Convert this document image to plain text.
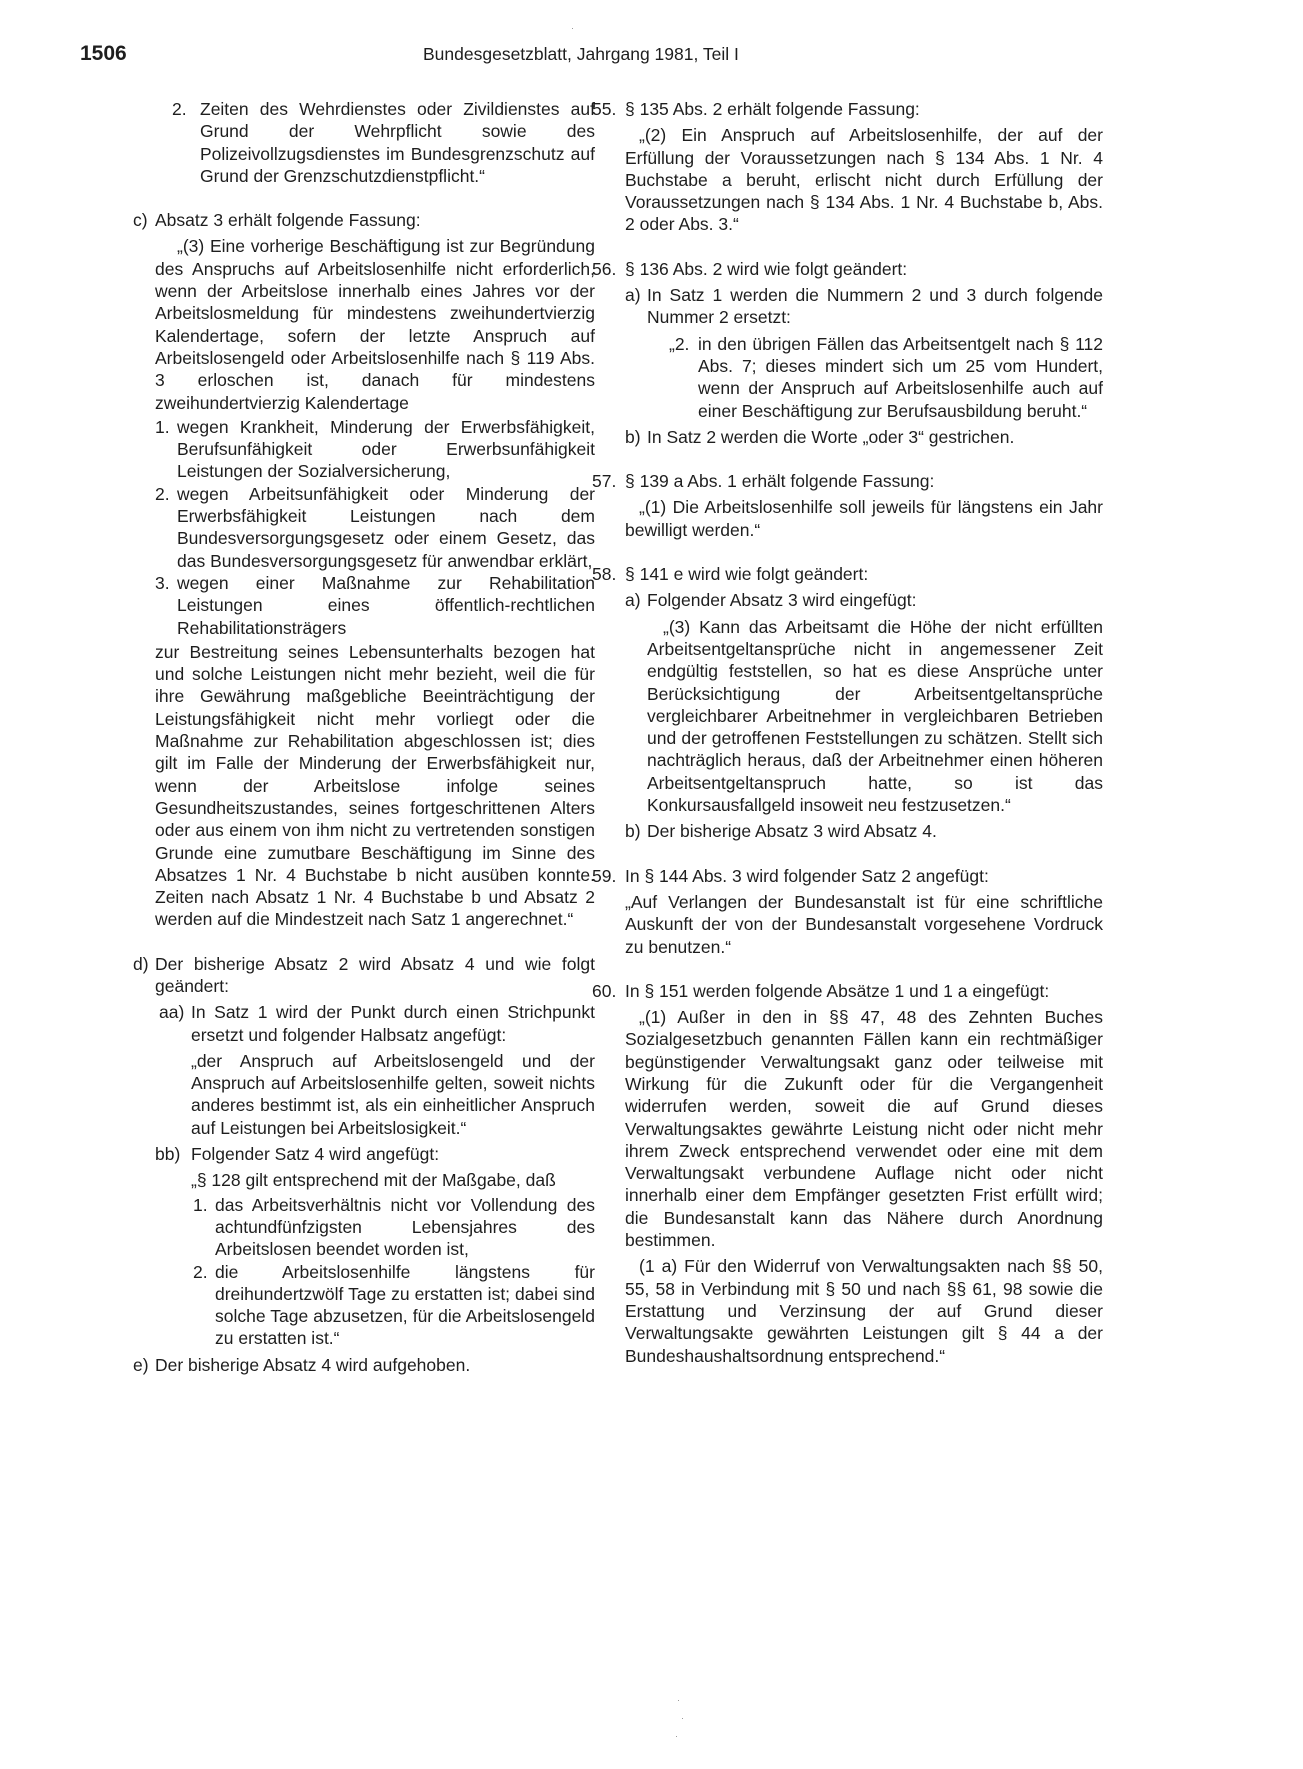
1506	Bundesgesetzblatt, Jahrgang 1981, Teil I
2. Zeiten des Wehrdienstes oder Zivildienstes auf Grund der Wehrpflicht sowie des Polizeivollzugsdienstes im Bundesgrenzschutz auf Grund der Grenzschutzdienstpflicht.“
c) Absatz 3 erhält folgende Fassung:
„(3) Eine vorherige Beschäftigung ist zur Begründung des Anspruchs auf Arbeitslosenhilfe nicht erforderlich, wenn der Arbeitslose innerhalb eines Jahres vor der Arbeitslosmeldung für mindestens zweihundertvierzig Kalendertage, sofern der letzte Anspruch auf Arbeitslosengeld oder Arbeitslosenhilfe nach § 119 Abs. 3 erloschen ist, danach für mindestens zweihundertvierzig Kalendertage
1. wegen Krankheit, Minderung der Erwerbsfähigkeit, Berufsunfähigkeit oder Erwerbsunfähigkeit Leistungen der Sozialversicherung,
2. wegen Arbeitsunfähigkeit oder Minderung der Erwerbsfähigkeit Leistungen nach dem Bundesversorgungsgesetz oder einem Gesetz, das das Bundesversorgungsgesetz für anwendbar erklärt,
3. wegen einer Maßnahme zur Rehabilitation Leistungen eines öffentlich-rechtlichen Rehabilitationsträgers
zur Bestreitung seines Lebensunterhalts bezogen hat und solche Leistungen nicht mehr bezieht, weil die für ihre Gewährung maßgebliche Beeinträchtigung der Leistungsfähigkeit nicht mehr vorliegt oder die Maßnahme zur Rehabilitation abgeschlossen ist; dies gilt im Falle der Minderung der Erwerbsfähigkeit nur, wenn der Arbeitslose infolge seines Gesundheitszustandes, seines fortgeschrittenen Alters oder aus einem von ihm nicht zu vertretenden sonstigen Grunde eine zumutbare Beschäftigung im Sinne des Absatzes 1 Nr. 4 Buchstabe b nicht ausüben konnte. Zeiten nach Absatz 1 Nr. 4 Buchstabe b und Absatz 2 werden auf die Mindestzeit nach Satz 1 angerechnet.“
d) Der bisherige Absatz 2 wird Absatz 4 und wie folgt geändert:
aa) In Satz 1 wird der Punkt durch einen Strichpunkt ersetzt und folgender Halbsatz angefügt:
„der Anspruch auf Arbeitslosengeld und der Anspruch auf Arbeitslosenhilfe gelten, soweit nichts anderes bestimmt ist, als ein einheitlicher Anspruch auf Leistungen bei Arbeitslosigkeit.“
bb) Folgender Satz 4 wird angefügt:
„§ 128 gilt entsprechend mit der Maßgabe, daß
1. das Arbeitsverhältnis nicht vor Vollendung des achtundfünfzigsten Lebensjahres des Arbeitslosen beendet worden ist,
2. die Arbeitslosenhilfe längstens für dreihundertzwölf Tage zu erstatten ist; dabei sind solche Tage abzusetzen, für die Arbeitslosengeld zu erstatten ist.“
e) Der bisherige Absatz 4 wird aufgehoben.
55. § 135 Abs. 2 erhält folgende Fassung:
„(2) Ein Anspruch auf Arbeitslosenhilfe, der auf der Erfüllung der Voraussetzungen nach § 134 Abs. 1 Nr. 4 Buchstabe a beruht, erlischt nicht durch Erfüllung der Voraussetzungen nach § 134 Abs. 1 Nr. 4 Buchstabe b, Abs. 2 oder Abs. 3.“
56. § 136 Abs. 2 wird wie folgt geändert:
a) In Satz 1 werden die Nummern 2 und 3 durch folgende Nummer 2 ersetzt:
„2. in den übrigen Fällen das Arbeitsentgelt nach § 112 Abs. 7; dieses mindert sich um 25 vom Hundert, wenn der Anspruch auf Arbeitslosenhilfe auch auf einer Beschäftigung zur Berufsausbildung beruht.“
b) In Satz 2 werden die Worte „oder 3“ gestrichen.
57. § 139 a Abs. 1 erhält folgende Fassung:
„(1) Die Arbeitslosenhilfe soll jeweils für längstens ein Jahr bewilligt werden.“
58. § 141 e wird wie folgt geändert:
a) Folgender Absatz 3 wird eingefügt:
„(3) Kann das Arbeitsamt die Höhe der nicht erfüllten Arbeitsentgeltansprüche nicht in angemessener Zeit endgültig feststellen, so hat es diese Ansprüche unter Berücksichtigung der Arbeitsentgeltansprüche vergleichbarer Arbeitnehmer in vergleichbaren Betrieben und der getroffenen Feststellungen zu schätzen. Stellt sich nachträglich heraus, daß der Arbeitnehmer einen höheren Arbeitsentgeltanspruch hatte, so ist das Konkursausfallgeld insoweit neu festzusetzen.“
b) Der bisherige Absatz 3 wird Absatz 4.
59. In § 144 Abs. 3 wird folgender Satz 2 angefügt:
„Auf Verlangen der Bundesanstalt ist für eine schriftliche Auskunft der von der Bundesanstalt vorgesehene Vordruck zu benutzen.“
60. In § 151 werden folgende Absätze 1 und 1 a eingefügt:
„(1) Außer in den in §§ 47, 48 des Zehnten Buches Sozialgesetzbuch genannten Fällen kann ein rechtmäßiger begünstigender Verwaltungsakt ganz oder teilweise mit Wirkung für die Zukunft oder für die Vergangenheit widerrufen werden, soweit die auf Grund dieses Verwaltungsaktes gewährte Leistung nicht oder nicht mehr ihrem Zweck entsprechend verwendet oder eine mit dem Verwaltungsakt verbundene Auflage nicht oder nicht innerhalb einer dem Empfänger gesetzten Frist erfüllt wird; die Bundesanstalt kann das Nähere durch Anordnung bestimmen.
(1 a) Für den Widerruf von Verwaltungsakten nach §§ 50, 55, 58 in Verbindung mit § 50 und nach §§ 61, 98 sowie die Erstattung und Verzinsung der auf Grund dieser Verwaltungsakte gewährten Leistungen gilt § 44 a der Bundeshaushaltsordnung entsprechend.“
